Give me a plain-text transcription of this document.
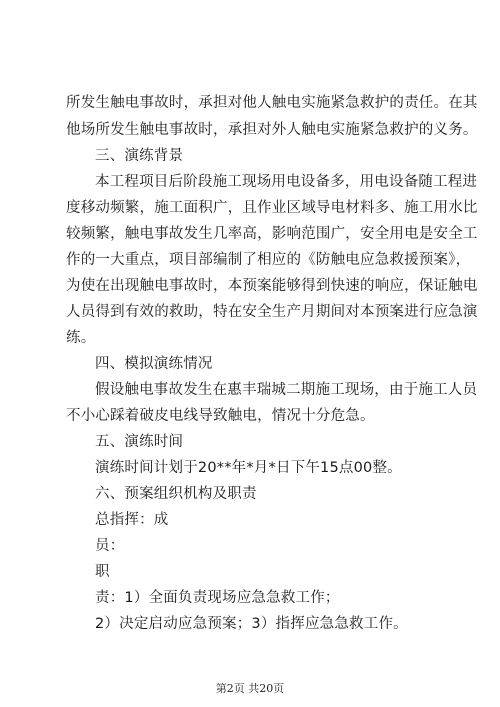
所发生触电事故时，承担对他人触电实施紧急救护的责任。在其
他场所发生触电事故时，承担对外人触电实施紧急救护的义务。
三、演练背景
本工程项目后阶段施工现场用电设备多，用电设备随工程进
度移动频繁，施工面积广，且作业区域导电材料多、施工用水比
较频繁，触电事故发生几率高，影响范围广，安全用电是安全工
作的一大重点，项目部编制了相应的《防触电应急救援预案》，
为使在出现触电事故时，本预案能够得到快速的响应，保证触电
人员得到有效的救助，特在安全生产月期间对本预案进行应急演
练。
四、模拟演练情况
假设触电事故发生在惠丰瑞城二期施工现场，由于施工人员
不小心踩着破皮电线导致触电，情况十分危急。
五、演练时间
演练时间计划于20**年*月*日下午15点00整。
六、预案组织机构及职责
总指挥：成
员：
职
责：1）全面负责现场应急急救工作；
2）决定启动应急预案；3）指挥应急急救工作。
第2页 共20页
